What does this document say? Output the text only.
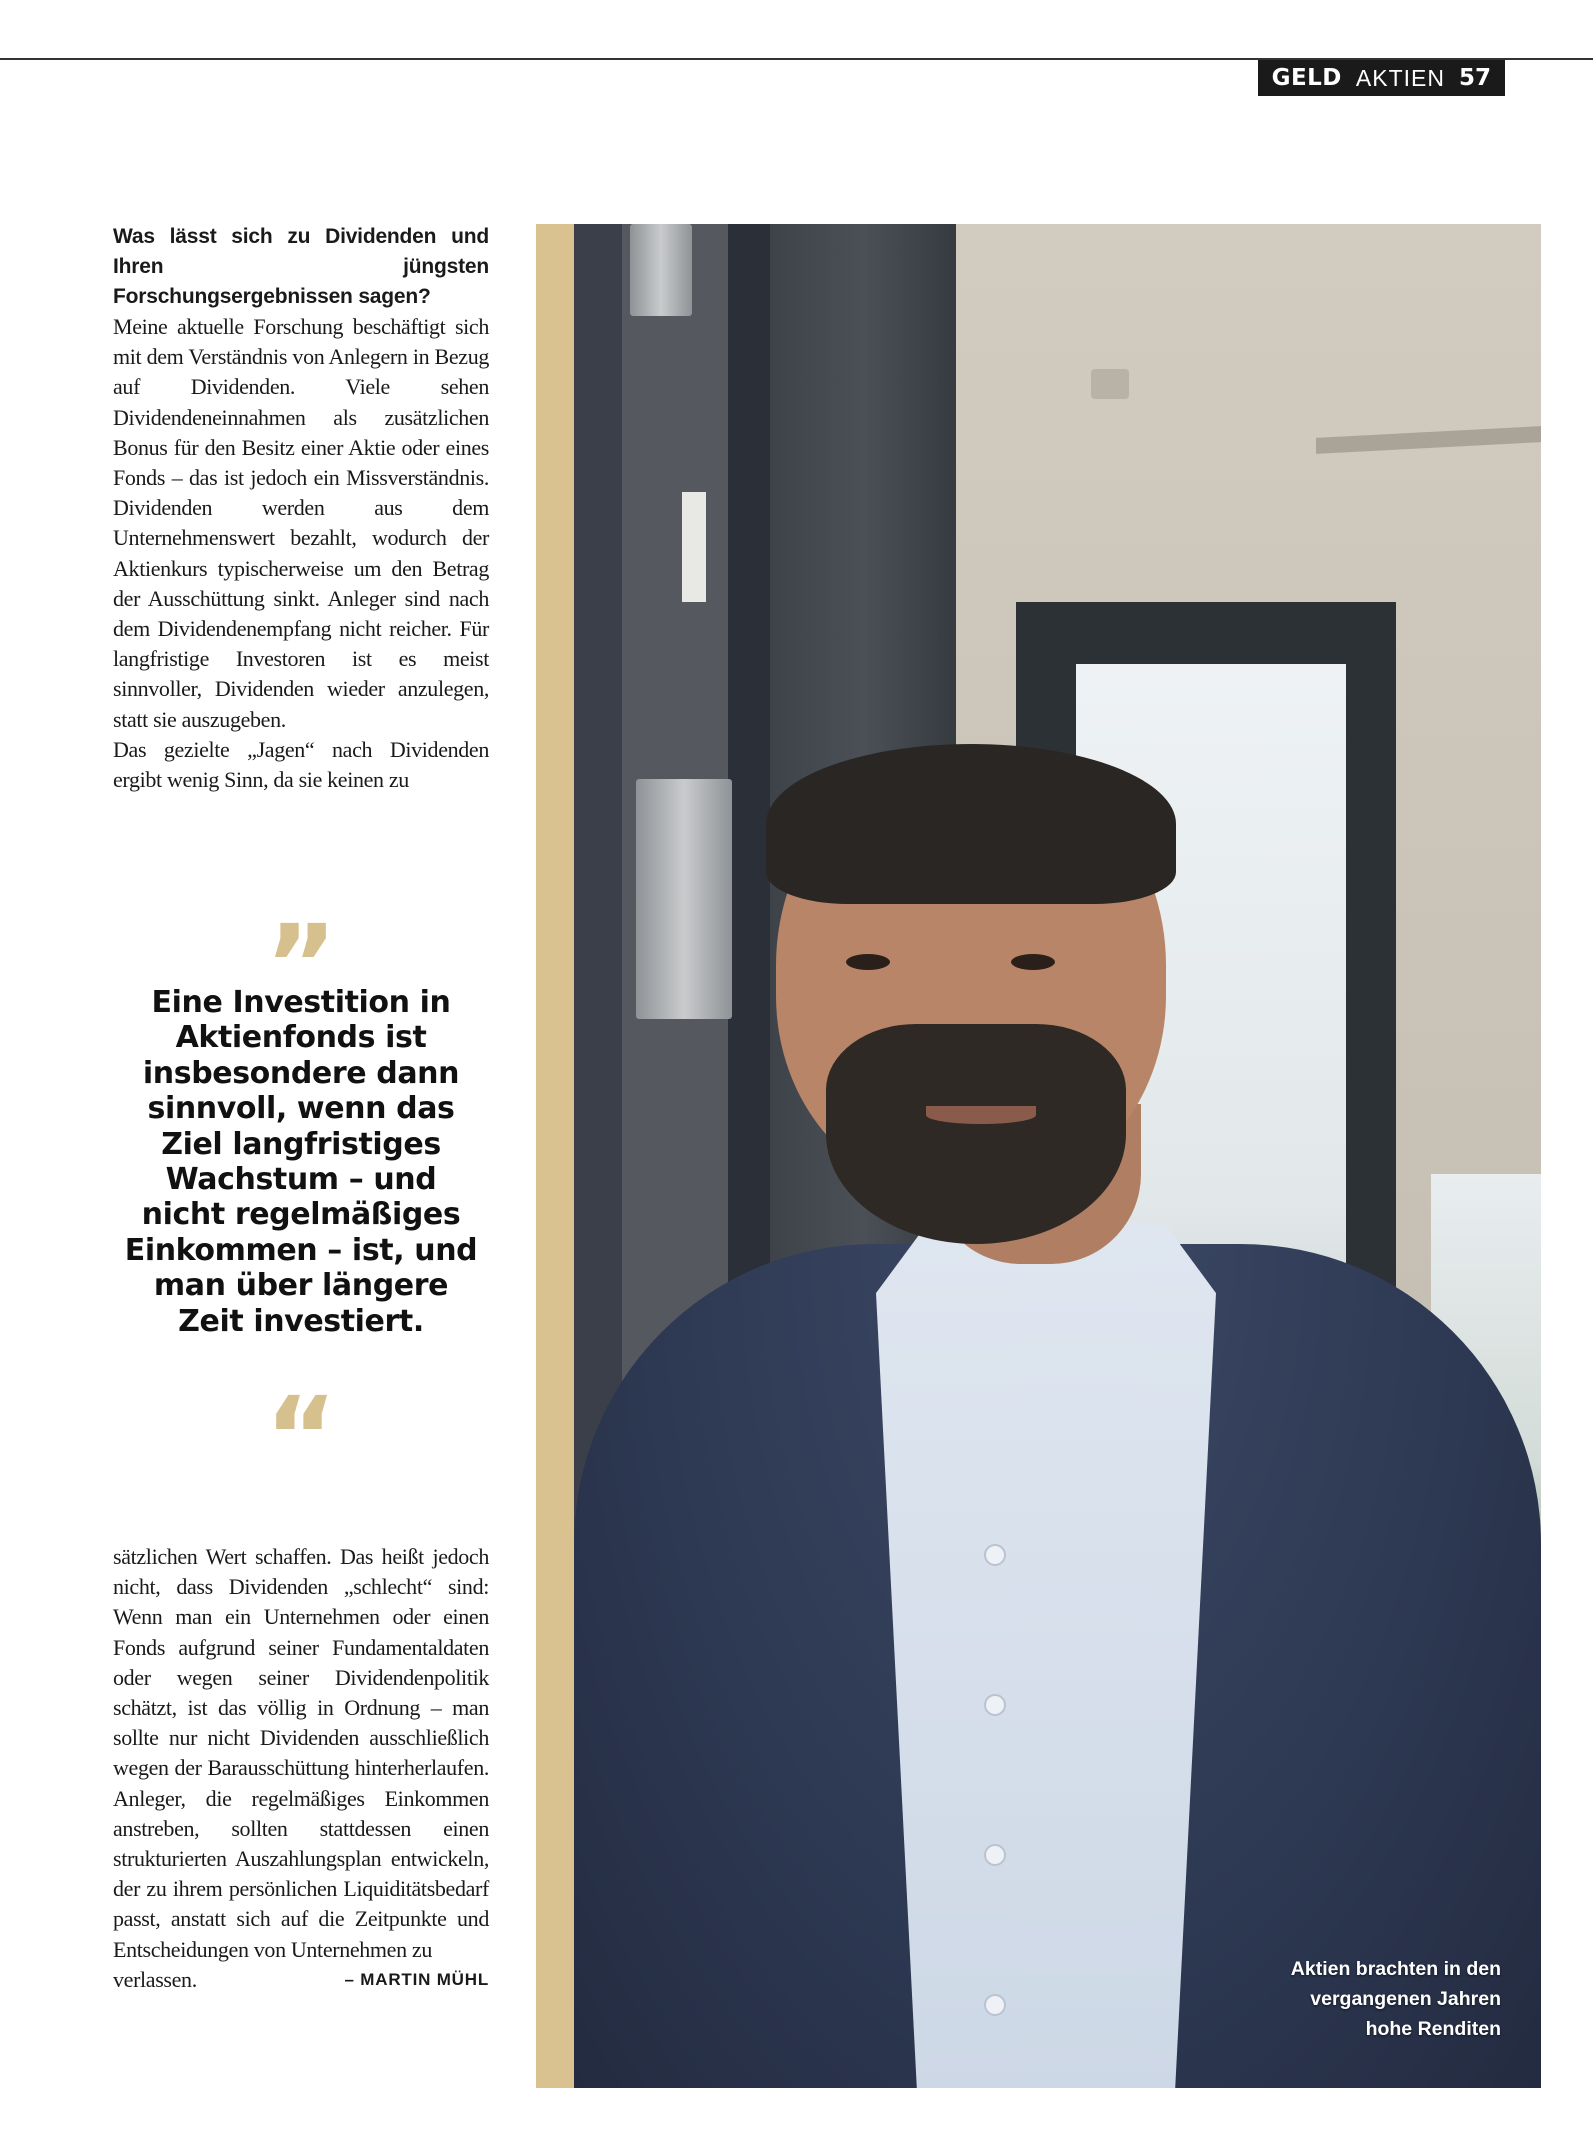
GELD AKTIEN 57
Was lässt sich zu Dividenden und Ihren jüngsten Forschungsergebnissen sagen?
Meine aktuelle Forschung beschäftigt sich mit dem Verständnis von Anlegern in Bezug auf Dividenden. Viele sehen Dividendeneinnahmen als zusätzlichen Bonus für den Besitz einer Aktie oder eines Fonds – das ist jedoch ein Missverständnis. Dividenden werden aus dem Unternehmenswert bezahlt, wodurch der Aktienkurs typischerweise um den Betrag der Ausschüttung sinkt. Anleger sind nach dem Dividendenempfang nicht reicher. Für langfristige Investoren ist es meist sinnvoller, Dividenden wieder anzulegen, statt sie auszugeben.
Das gezielte „Jagen“ nach Dividenden ergibt wenig Sinn, da sie keinen zu
”
Eine Investition in Aktienfonds ist insbesondere dann sinnvoll, wenn das Ziel langfristiges Wachstum – und nicht regelmäßiges Einkommen – ist, und man über längere Zeit investiert.
“
sätzlichen Wert schaffen. Das heißt jedoch nicht, dass Dividenden „schlecht“ sind: Wenn man ein Unternehmen oder einen Fonds aufgrund seiner Fundamentaldaten oder wegen seiner Dividendenpolitik schätzt, ist das völlig in Ordnung – man sollte nur nicht Dividenden ausschließlich wegen der Barausschüttung hinterherlaufen. Anleger, die regelmäßiges Einkommen anstreben, sollten stattdessen einen strukturierten Auszahlungsplan entwickeln, der zu ihrem persönlichen Liquiditätsbedarf passt, anstatt sich auf die Zeitpunkte und Entscheidungen von Unternehmen zu
verlassen.	– MARTIN MÜHL	Aktien brachten in den vergangenen Jahren hohe Renditen
